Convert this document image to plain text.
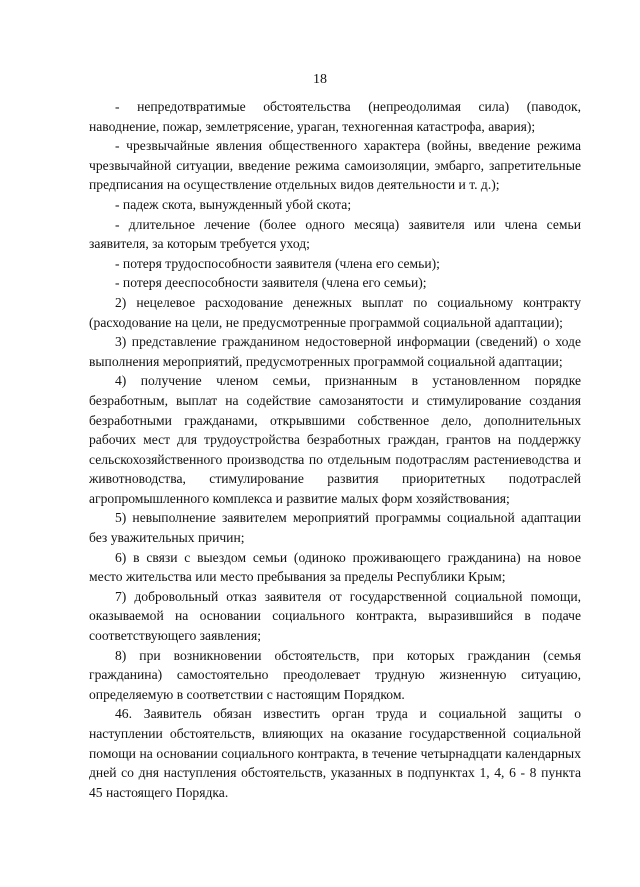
18

- непредотвратимые обстоятельства (непреодолимая сила) (паводок, наводнение, пожар, землетрясение, ураган, техногенная катастрофа, авария);

- чрезвычайные явления общественного характера (войны, введение режима чрезвычайной ситуации, введение режима самоизоляции, эмбарго, запретительные предписания на осуществление отдельных видов деятельности и т. д.);

- падеж скота, вынужденный убой скота;

- длительное лечение (более одного месяца) заявителя или члена семьи заявителя, за которым требуется уход;

- потеря трудоспособности заявителя (члена его семьи);

- потеря дееспособности заявителя (члена его семьи);

2) нецелевое расходование денежных выплат по социальному контракту (расходование на цели, не предусмотренные программой социальной адаптации);

3) представление гражданином недостоверной информации (сведений) о ходе выполнения мероприятий, предусмотренных программой социальной адаптации;

4) получение членом семьи, признанным в установленном порядке безработным, выплат на содействие самозанятости и стимулирование создания безработными гражданами, открывшими собственное дело, дополнительных рабочих мест для трудоустройства безработных граждан, грантов на поддержку сельскохозяйственного производства по отдельным подотраслям растениеводства и животноводства, стимулирование развития приоритетных подотраслей агропромышленного комплекса и развитие малых форм хозяйствования;

5) невыполнение заявителем мероприятий программы социальной адаптации без уважительных причин;

6) в связи с выездом семьи (одиноко проживающего гражданина) на новое место жительства или место пребывания за пределы Республики Крым;

7) добровольный отказ заявителя от государственной социальной помощи, оказываемой на основании социального контракта, выразившийся в подаче соответствующего заявления;

8) при возникновении обстоятельств, при которых гражданин (семья гражданина) самостоятельно преодолевает трудную жизненную ситуацию, определяемую в соответствии с настоящим Порядком.

46. Заявитель обязан известить орган труда и социальной защиты о наступлении обстоятельств, влияющих на оказание государственной социальной помощи на основании социального контракта, в течение четырнадцати календарных дней со дня наступления обстоятельств, указанных в подпунктах 1, 4, 6 - 8 пункта 45 настоящего Порядка.
